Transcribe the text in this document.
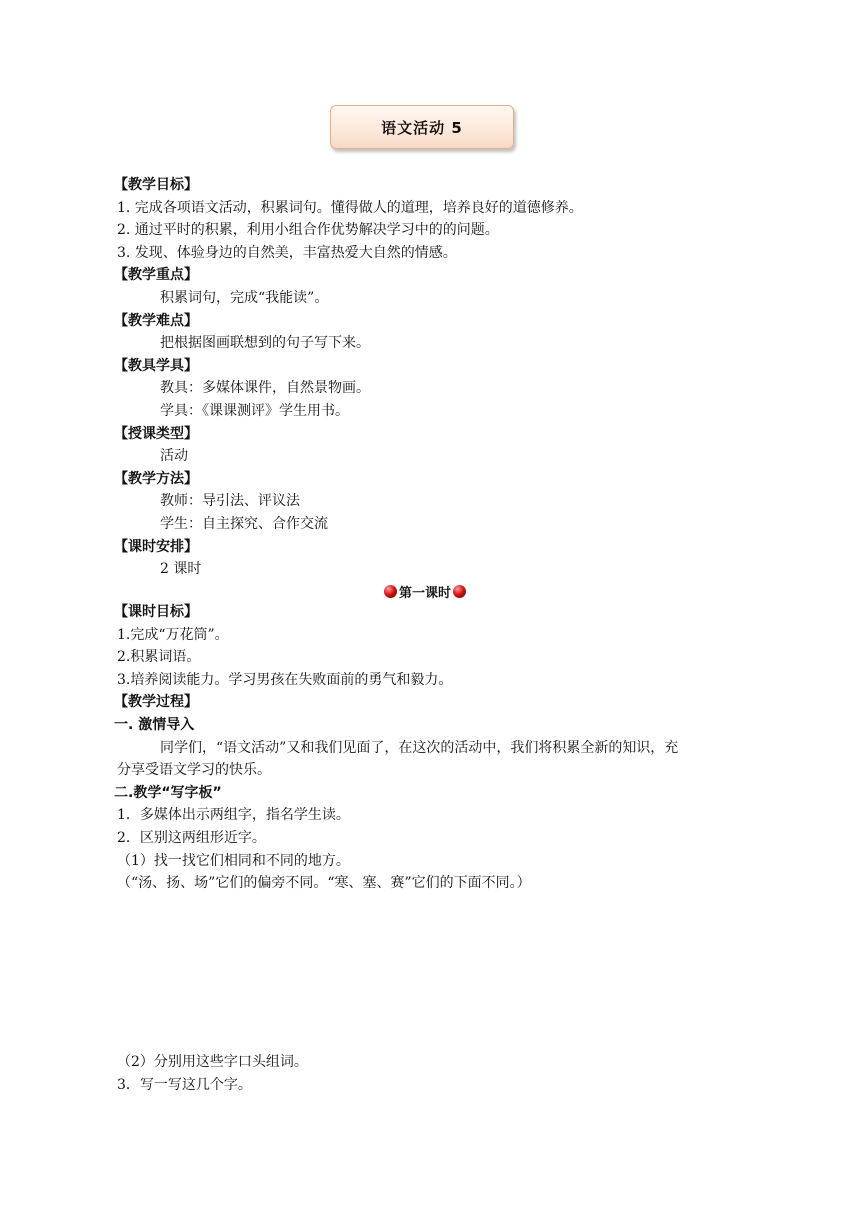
语文活动 5
【教学目标】
1. 完成各项语文活动，积累词句。懂得做人的道理，培养良好的道德修养。
2. 通过平时的积累，利用小组合作优势解决学习中的的问题。
3. 发现、体验身边的自然美，丰富热爱大自然的情感。
【教学重点】
积累词句，完成“我能读”。
【教学难点】
把根据图画联想到的句子写下来。
【教具学具】
教具：多媒体课件，自然景物画。
学具：《课课测评》学生用书。
【授课类型】
活动
【教学方法】
教师：导引法、评议法
学生：自主探究、合作交流
【课时安排】
2 课时
第一课时
【课时目标】
1.完成“万花筒”。
2.积累词语。
3.培养阅读能力。学习男孩在失败面前的勇气和毅力。
【教学过程】
一. 激情导入
同学们，“语文活动”又和我们见面了，在这次的活动中，我们将积累全新的知识，充
分享受语文学习的快乐。
二.教学“写字板”
1．多媒体出示两组字，指名学生读。
2．区别这两组形近字。
（1）找一找它们相同和不同的地方。
（“汤、扬、场”它们的偏旁不同。“寒、塞、赛”它们的下面不同。）
（2）分别用这些字口头组词。
3．写一写这几个字。
